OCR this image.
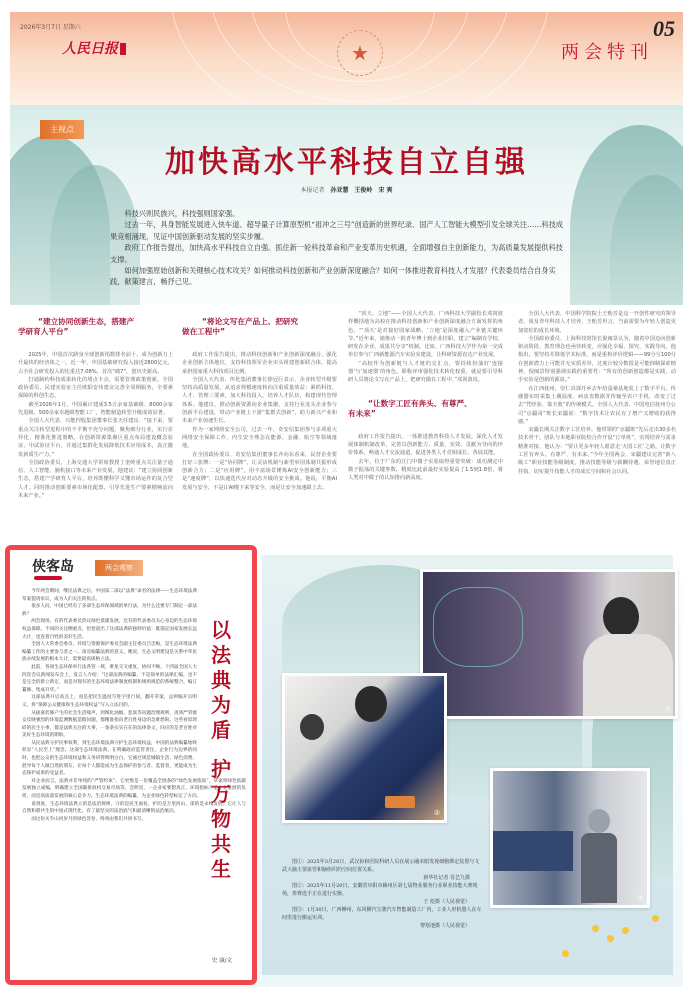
★
2026年3月7日 星期六
人民日报
05
两会特刊
主视点
加快高水平科技自立自强
本报记者 孙亚慧 王俊岭 宋 爽

科技兴则民族兴，科技强则国家强。

过去一年，具身智能发展进入快车道、超导量子计算原型机“祖冲之三号”创造新的世界纪录、国产人工智能大模型引发全球关注……科技成果竞相涌现，见证中国创新驱动发展的坚实步履。

政府工作报告提出，加快高水平科技自立自强。抓住新一轮科技革命和产业变革历史机遇，全面增强自主创新能力，为高质量发展提供科技支撑。

如何加强原始创新和关键核心技术攻关？如何推动科技创新和产业创新深度融合？如何一体推进教育科技人才发展？代表委员结合自身实践，献策建言，畅抒己见。

“建立协同创新生态，搭建产
学研育人平台”

2025年，中国首次跻身全球创新指数排名前十，成为创新力上升最快的经济体之一。近一年，中国基础研究投入接近2800亿元，占全社会研发投入的比重达7.08%，首次“破7”，创历史新高。

打通制约科技成果转化的堵点卡点，需要管理政策创新。全国政协委员、民建实验室主任欧阳安伟建议完善全周期服务，全要素保障的科创生态。

截至2026年1月，中国累计建成3.5万余家基础级、8000余家先进级、500余家卓越级智能工厂，智能制造转型升级成效显著。

全国人大代表、兴能控股集团董事长张天任建议：“接下来，要重点关注转型进程中的不平衡不充分问题，聚焦细分行业，实行差异化、精准化推进策略。在创新资源集聚区重点布局建设概念验证、中试验证平台，并通过集群化发展降低技术应用成本，真正激发新质生产力。”

全国政协委员、上海交通大学讲席教授丁奎岭重点关注量子通信、人工智能、脑机接口等未来产业发展。他建议：“建立协同创新生态，搭建产学研育人平台，培养既懂科学又懂市场运作的复合型人才。同时推动创新要素市场化配置，引导先进生产要素精畅流向未来产业。”

“将论文写在产品上、把研究
做在工程中”

政府工作报告提出，推动科技创新和产业创新深度融合。强化企业创新主体地位，支持科技领军企业牵头组建创新联合体，提高承担国家重大科技项目比例。

全国人大代表、传化集团董事长徐冠巨表示，企业转型升级要坚持高质量发展，从追求规模速度转向注重质量效益：紧抓科技、人才、管理三要素，加大科技投入，培养人才队伍，构建现代管理体系。他建议，推动创新资源向企业集聚，支持行业龙头企业参与创新平台建设，带动产业链上下游“集群式创新”，助力新兴产业和未来产业加速生长。

作为一家网络安全公司，过去一年，奇安信集团参与多项重大网络安全保障工作，内生安全理念在能源、金融、航空等领域落地。

在全国政协委员、奇安信集团董事长齐向东看来，民营企业要打好三张牌：一是“协同牌”，让灵活机制与新型举国体制共振形成创新合力；二是“应用牌”，用丰富场景锤炼AI安全创新能力；三是“速度牌”，以快速迭代应对动态升级的安全挑战。他说，平衡AI发展与安全，不是让AI慢下来等安全，而是让安全加速跟上去。

“顶天、立地”——全国人大代表、广西科技大学副校长邓剑波样概括地为高校在推动科技创新和产业创新深度融合方面发挥的角色。“‘顶天’是对接好国家战略，‘立地’是深度融入产业链关键环节。”近年来，她推动一批青年博士到企业挂职，建立“编制在学校、研发在企业、成果共分享”机制。比如，广西科技大学作为第一完成单位参与广西新能源汽车实验室建设，让科研资源直达产业发展。

“高校作为创新链与人才链的交汇点，要持续扮演好‘连接器’与‘加速器’的角色。职称评审强化技术转化权重，就是要引导科研人员将论文写在产品上、把研究做在工程中。”邓剑波说。

“让数字工匠有奔头、有尊严、
有未来”

政府工作报告提出，一体推进教育科技人才发展。深化人才发展体制机制改革，完善以创新能力、质量、实效、贡献为导向的评价体系，畅通人才交流通道，促进各类人才竞相成长、各展其能。

去年，位于广东的江门中微子实验取得重要突破：成功测定中微子振荡的关键参数，精度比此前最好实验提高了1.5到1.8倍，将人类对中微子的认知推向新高度。

全国人大代表、中国科学院院士王贻芳是这一开创性研究的领导者。谈及青年科技人才培养，王贻芳坦言，当前需要为年轻人创造更加宽松的成长环境。

全国政协委员、上海科技馆馆长倪闽景认为，随着中国迈向创新驱动阶段，教育理念也亟待转变，应强化幸福、探究、实践导向。他指出，要坚持并降低学术标准，而是重构评价逻辑——99分与100分在创新潜力上可能并无实质差异，过度计较分数很是可能抑制探索精神。倪闽景特别强调实践的重要性：“所有的创新创造都是实践，动手实验是创新的源泉。”

在江西抚州，崇仁县郭圩乡去年给蚕桑基地装上了数字平台。传感器实时采集土壤湿度、病虫害数据并传输至农户手机，改变了过去“凭经验、靠天收”的传统模式。全国人大代表、中国电信抚州分公司“京疆哥”班长宋疆说：“数字技术让农民有了增产又增收的获得感。”

宋疆长期关注数字工匠培养。他带领的“京疆班”先后走出30多名技术骨干。团队与本地职业院校合作开设“订单班”，实现培养与需求精准对接。他认为：“要让更多年轻人愿意走‘大国工匠’之路，让数字工匠有奔头、有尊严、有未来。”今年全国两会，宋疆建议完善“新八级工”职业技能等级制度，推动技能等级与薪酬待遇、荣誉地位真正挂钩，切实提升技能人才的成长空间和社会认同。

①
②
③

图①：2025年3月26日，武汉协和医院科研人员在展示融未眼发现细胞绑定装置与文武大脑主要血管和脑组织的空间位置关系。

新华社记者 肖艺九摄

图②：2025年11月20日，安徽省阜阳市颍州区第七届物业服务行业职业技能大赛现场，参赛选手正在进行实操。

王 彪摄（人民视觉）

图③：1月30日，广西柳州，东风柳汽宝骏汽车智能制造工厂内，工业人形机器人在车间里进行搬运实训。

黎寒池摄（人民视觉）

侠客岛	两会观察

今年两会期间，继民法典之后，中国第二部以“法典”命名的法律——生态环境法典草案提请审议，成为人们关注的焦点。

很多人问，中国已经有了多部生态环保领域的单行法，为什么还要专门制定一部法典？

两会现场，有的代表委员热议绿色低碳发展，还有的代表委员关心身边的生态环境权益保障。不同的关注侧重点，恰恰道出了这部法典的独特价值：既锚定国家发展长远大计，也连着百姓的美好生活。

全国人大常委会委员、环境与资源保护委员会副主任委员吕忠梅，是生态环境法典编纂工作的主要参与者之一。谈及编纂法典的意义，她说，生态文明建设是关系中华民族永续发展的根本大计，需要最高规格立法。

此前，各项生态环保单行法各管一域，难免交叉重复、协同不畅。十四届全国人大四次会议新闻发布会上，发言人介绍：“这部法典的编纂，不是简单的法律汇编，也不是完全的新立新定，而是对现有的生态环境法律制度机制和规则规范的系统整合、编订纂修、集成升华。”

这部法典开启高点上，而是把民生温度写进字里行间，翻开草案，总则编开宗明义，将“保障公众健康和生态环境权益”写入立法目的。

从拢嘉装修产生的社会生活噪声，到细化油烟、恶臭等问题治理规则，再到严管群众反映强烈的环境监测数据造假问题，都精准指向老百姓身边的急难愁盼。这些看似琐碎的民生小事，都是法典关注的大事，一条条实实在在的法律条文，回应的是老百姓对美好生态环境的期盼。

从民法典守护民事权利，到生态环境法典守护生态环境权益，中国的法典编纂始终彰显“人民至上”理念。这部生态环境法典，在明确政府监管责任、企业行为边界的同时，也把公众的生态环境权益和义务讲得明明白白。它通过规范城镇生活、绿色消费、倡导每个人做自然的朋友，让每个人都能成为生态保护的参与者、监督者，更能成为生态保护成果的受益者。

对企业而言，法典并非单纯的“严管约束”，它更像是一份覆盖全链条的“绿色发展指南”。草案将绿色低碳发展独立成编，明确建立全国碳排放权交易市场等，会明里，一企业家要想真正，环境指标不是企业发展的负担，而是高质量发展的核心竞争力。生态环境法典的编纂，为企业绿色转型标定了方向。

说到底，生态环境法典立的是法治规则，守的是民生福祉，护的是万里河山，谋的是永续发展。它让人与自然和谐共生的中国式现代化，有了最坚实的法治底气和最清晰的法治航向。

而这份关乎山河岁月的绿色答卷，终将由我们共同书写。

以
法
典
为
盾
护
万
物
共
生
史 康/文
